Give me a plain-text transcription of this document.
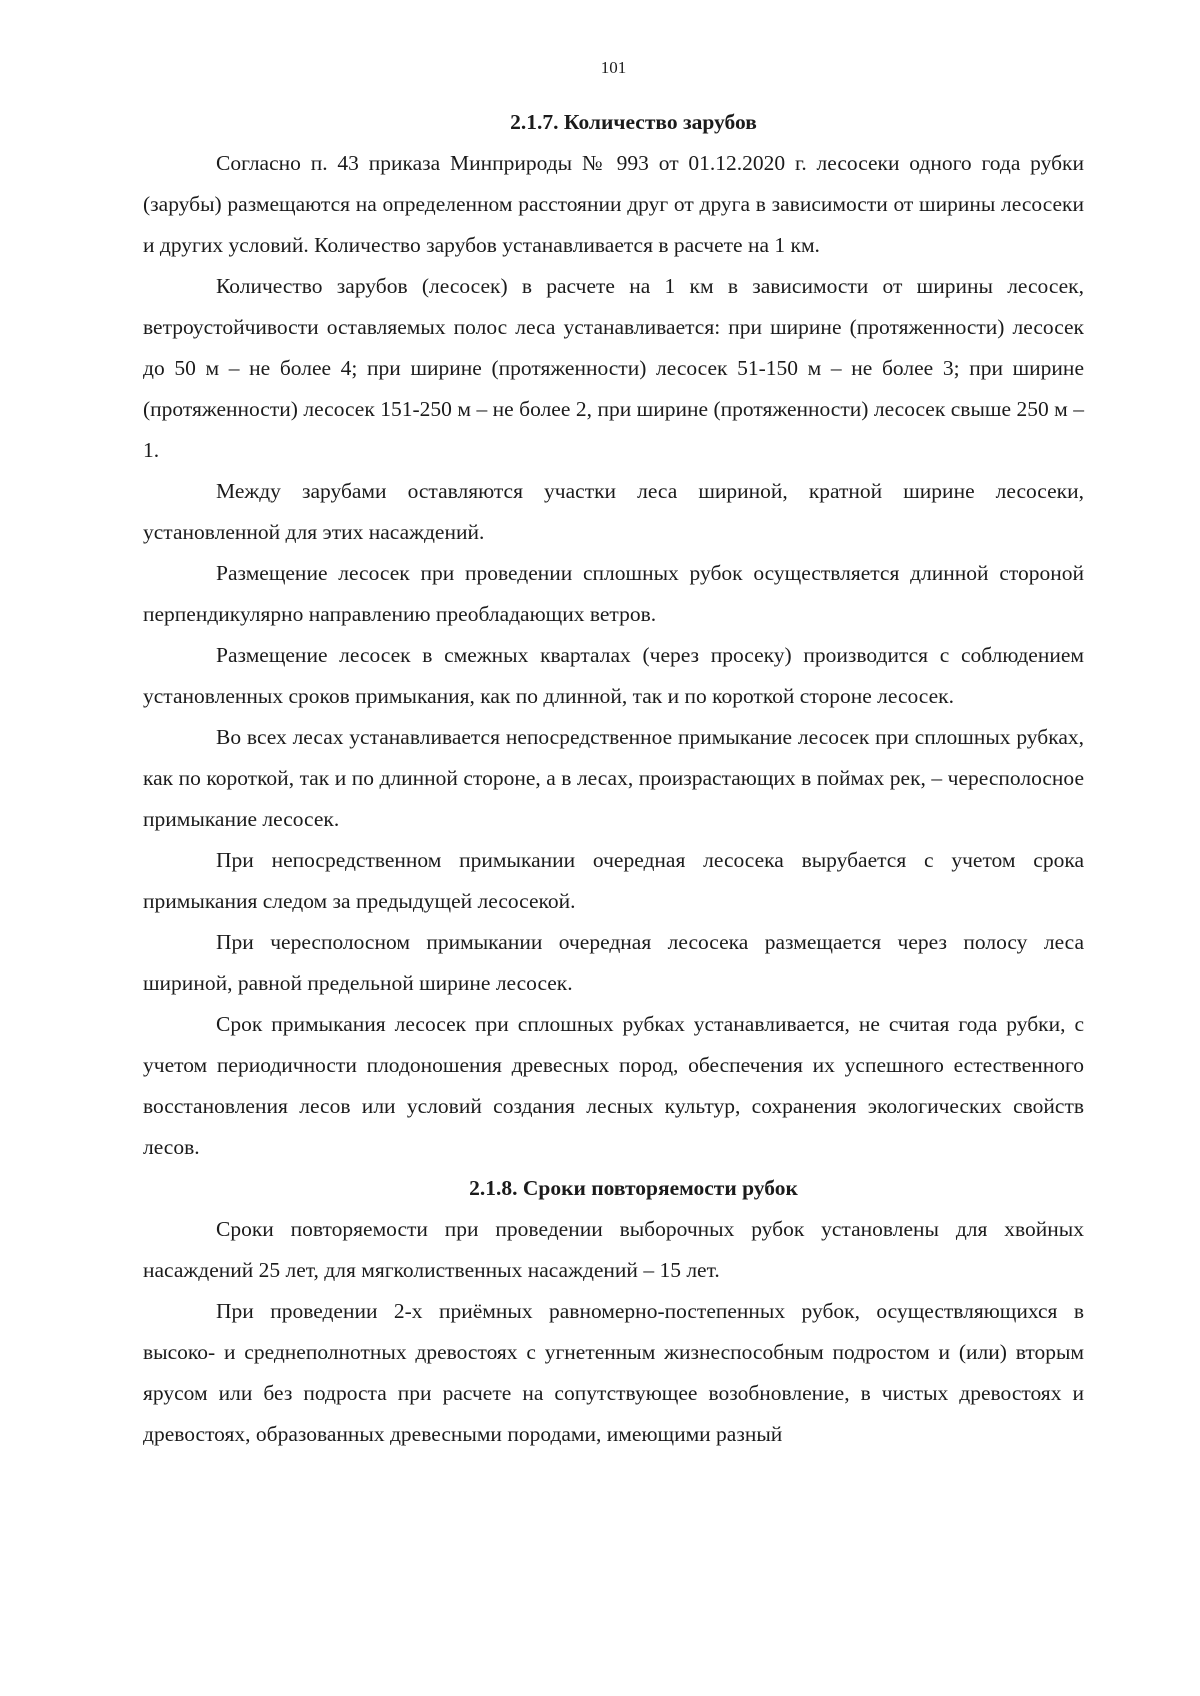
101
2.1.7. Количество зарубов

Согласно п. 43 приказа Минприроды № 993 от 01.12.2020 г. лесосеки одного года рубки (зарубы) размещаются на определенном расстоянии друг от друга в зависимости от ширины лесосеки и других условий. Количество зарубов устанавливается в расчете на 1 км.

Количество зарубов (лесосек) в расчете на 1 км в зависимости от ширины лесосек, ветроустойчивости оставляемых полос леса устанавливается: при ширине (протяженности) лесосек до 50 м – не более 4; при ширине (протяженности) лесосек 51-150 м – не более 3; при ширине (протяженности) лесосек 151-250 м – не более 2, при ширине (протяженности) лесосек свыше 250 м – 1.

Между зарубами оставляются участки леса шириной, кратной ширине лесосеки, установленной для этих насаждений.

Размещение лесосек при проведении сплошных рубок осуществляется длинной стороной перпендикулярно направлению преобладающих ветров.

Размещение лесосек в смежных кварталах (через просеку) производится с соблюдением установленных сроков примыкания, как по длинной, так и по короткой стороне лесосек.

Во всех лесах устанавливается непосредственное примыкание лесосек при сплошных рубках, как по короткой, так и по длинной стороне, а в лесах, произрастающих в поймах рек, – чересполосное примыкание лесосек.

При непосредственном примыкании очередная лесосека вырубается с учетом срока примыкания следом за предыдущей лесосекой.

При чересполосном примыкании очередная лесосека размещается через полосу леса шириной, равной предельной ширине лесосек.

Срок примыкания лесосек при сплошных рубках устанавливается, не считая года рубки, с учетом периодичности плодоношения древесных пород, обеспечения их успешного естественного восстановления лесов или условий создания лесных культур, сохранения экологических свойств лесов.

2.1.8. Сроки повторяемости рубок

Сроки повторяемости при проведении выборочных рубок установлены для хвойных насаждений 25 лет, для мягколиственных насаждений – 15 лет.

При проведении 2-х приёмных равномерно-постепенных рубок, осуществляющихся в высоко- и среднеполнотных древостоях с угнетенным жизнеспособным подростом и (или) вторым ярусом или без подроста при расчете на сопутствующее возобновление, в чистых древостоях и древостоях, образованных древесными породами, имеющими разный
